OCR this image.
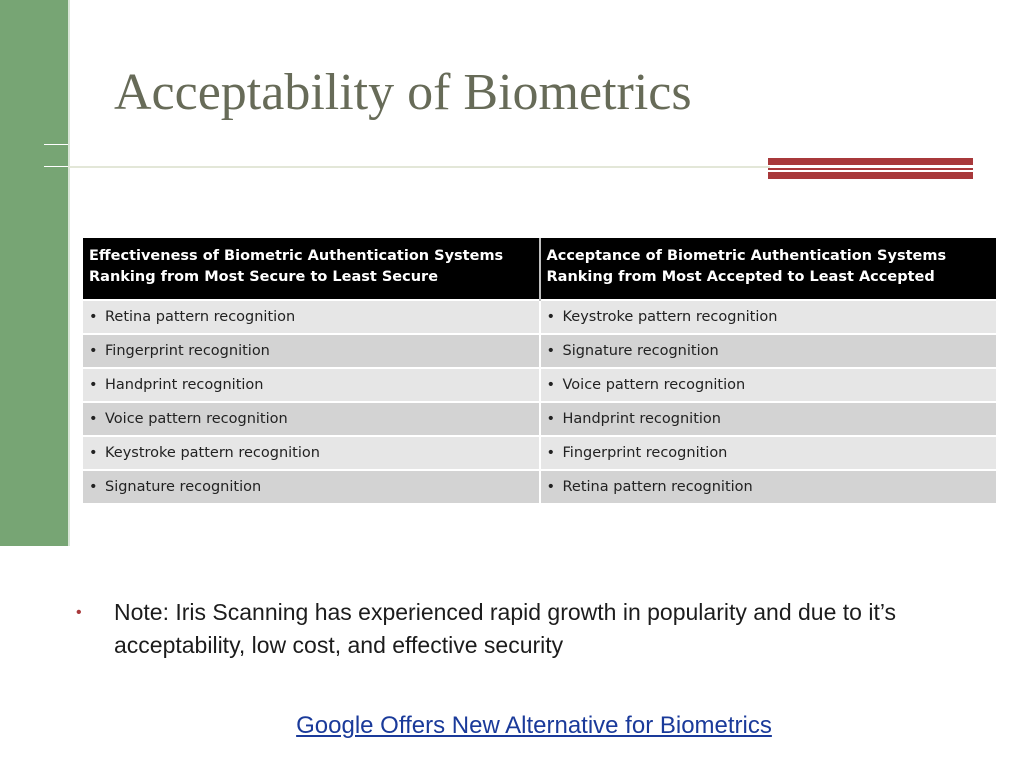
Acceptability of Biometrics
Effectiveness of Biometric Authentication Systems Ranking from Most Secure to Least Secure	Acceptance of Biometric Authentication Systems Ranking from Most Accepted to Least Accepted
• Retina pattern recognition	• Keystroke pattern recognition
• Fingerprint recognition	• Signature recognition
• Handprint recognition	• Voice pattern recognition
• Voice pattern recognition	• Handprint recognition
• Keystroke pattern recognition	• Fingerprint recognition
• Signature recognition	• Retina pattern recognition
•	Note: Iris Scanning has experienced rapid growth in popularity and due to it’s acceptability, low cost, and effective security
Google Offers New Alternative for Biometrics
